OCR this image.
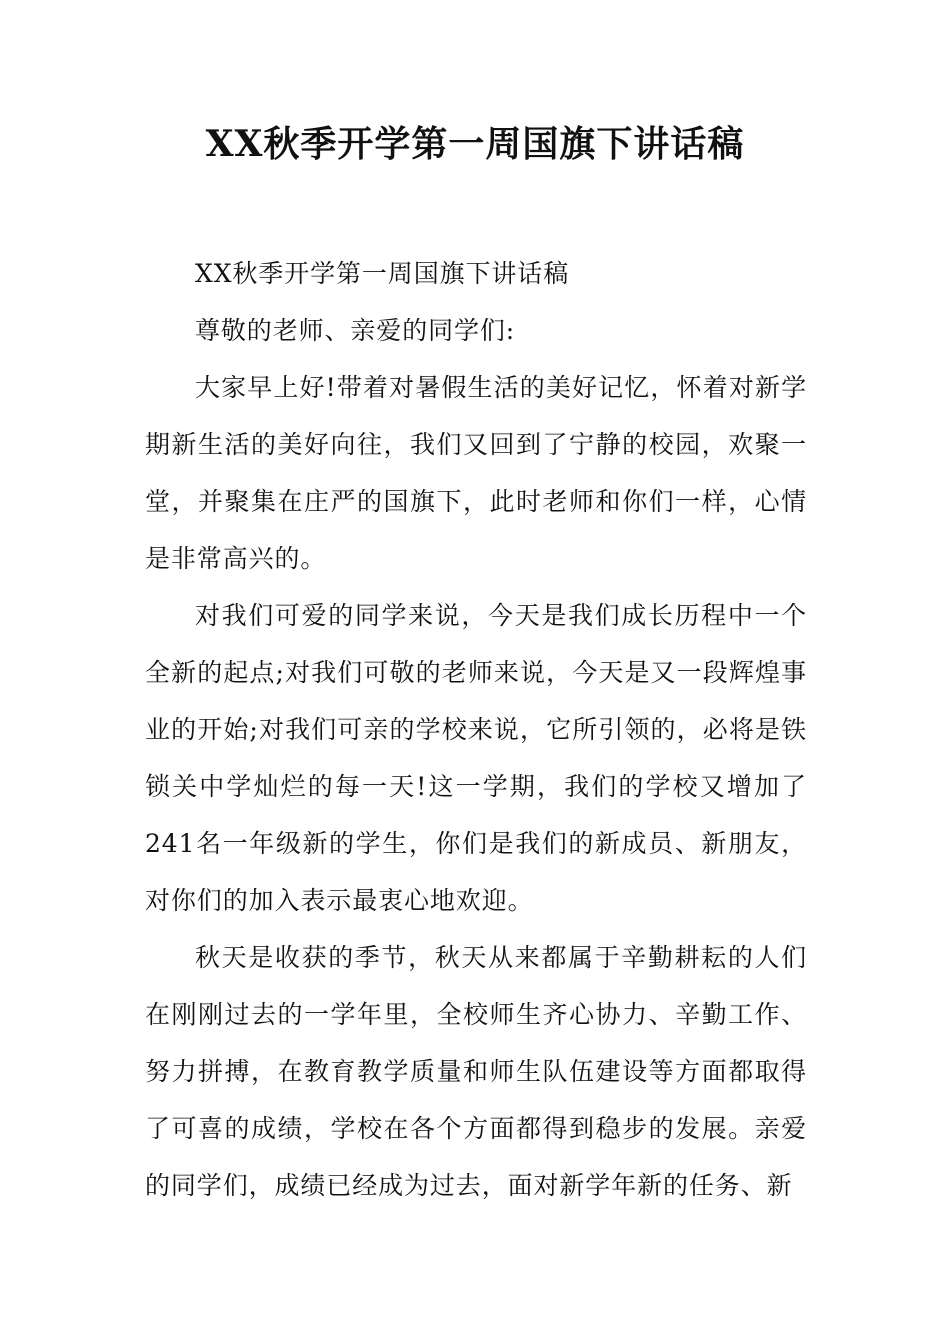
XX秋季开学第一周国旗下讲话稿

XX秋季开学第一周国旗下讲话稿

尊敬的老师、亲爱的同学们:

大家早上好!带着对暑假生活的美好记忆，怀着对新学期新生活的美好向往，我们又回到了宁静的校园，欢聚一堂，并聚集在庄严的国旗下，此时老师和你们一样，心情是非常高兴的。

对我们可爱的同学来说，今天是我们成长历程中一个全新的起点;对我们可敬的老师来说，今天是又一段辉煌事业的开始;对我们可亲的学校来说，它所引领的，必将是铁锁关中学灿烂的每一天!这一学期，我们的学校又增加了241名一年级新的学生，你们是我们的新成员、新朋友，对你们的加入表示最衷心地欢迎。

秋天是收获的季节，秋天从来都属于辛勤耕耘的人们在刚刚过去的一学年里，全校师生齐心协力、辛勤工作、努力拼搏，在教育教学质量和师生队伍建设等方面都取得了可喜的成绩，学校在各个方面都得到稳步的发展。亲爱的同学们，成绩已经成为过去，面对新学年新的任务、新
